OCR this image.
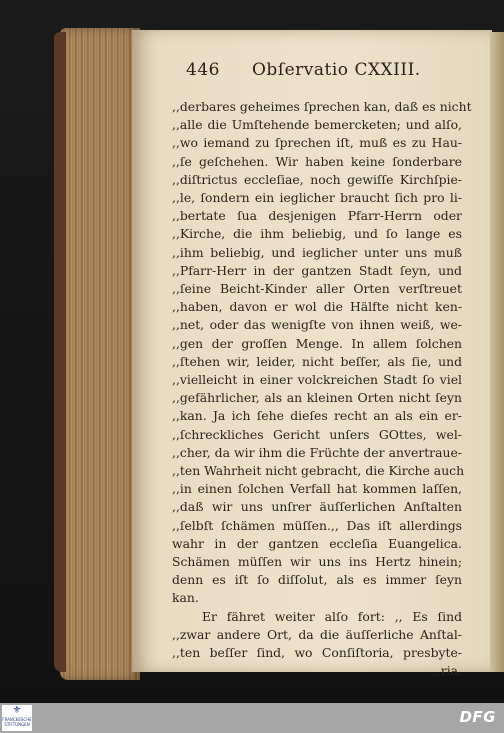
446 Obſervatio CXXIII.
,,derbares geheimes ſprechen kan, daß es nicht
,,alle die Umſtehende bemercketen; und alſo,
,,wo iemand zu ſprechen iſt, muß es zu Hau-
,,ſe geſchehen. Wir haben keine ſonderbare
,,diſtrictus eccleſiae, noch gewiſſe Kirchſpie-
,,le, ſondern ein ieglicher braucht ſich pro li-
,,bertate ſua desjenigen Pfarr-Herrn oder
,,Kirche, die ihm beliebig, und ſo lange es
,,ihm beliebig, und ieglicher unter uns muß
,,Pfarr-Herr in der gantzen Stadt ſeyn, und
,,ſeine Beicht-Kinder aller Orten verſtreuet
,,haben, davon er wol die Hälfte nicht ken-
,,net, oder das wenigſte von ihnen weiß, we-
,,gen der groſſen Menge. In allem ſolchen
,,ſtehen wir, leider, nicht beſſer, als ſie, und
,,vielleicht in einer volckreichen Stadt ſo viel
,,gefährlicher, als an kleinen Orten nicht ſeyn
,,kan. Ja ich ſehe dieſes recht an als ein er-
,,ſchreckliches Gericht unſers GOttes, wel-
,,cher, da wir ihm die Früchte der anvertraue-
,,ten Wahrheit nicht gebracht, die Kirche auch
,,in einen ſolchen Verfall hat kommen laſſen,
,,daß wir uns unſrer äuſſerlichen Anſtalten
,,ſelbſt ſchämen müſſen.,, Das iſt allerdings
wahr in der gantzen eccleſia Euangelica.
Schämen müſſen wir uns ins Hertz hinein;
denn es iſt ſo diſſolut, als es immer ſeyn
kan.
Er fähret weiter alſo fort: ,, Es ſind
,,zwar andere Ort, da die äuſſerliche Anſtal-
,,ten beſſer ſind, wo Conſiſtoria, presbyte-
,,ria,
⚜
FRANCKESCHE STIFTUNGEN	DFG
